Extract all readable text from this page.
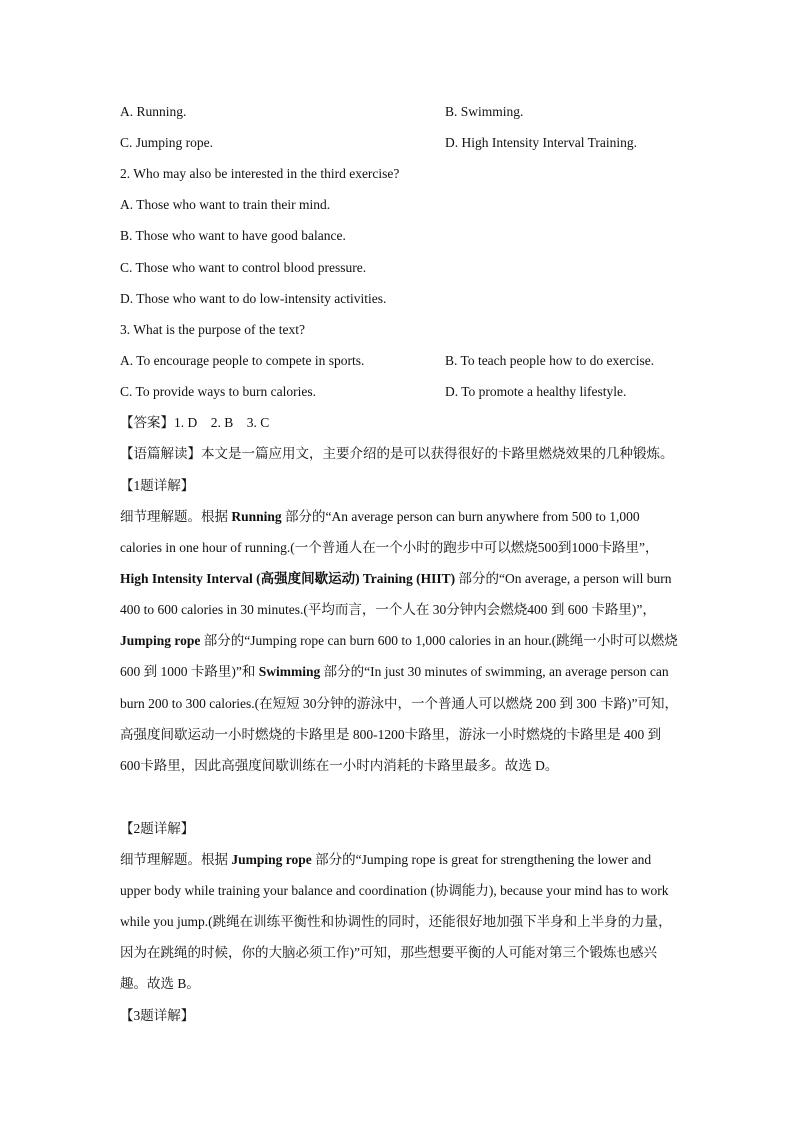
A. Running.	B. Swimming.
C. Jumping rope.	D. High Intensity Interval Training.
2. Who may also be interested in the third exercise?
A. Those who want to train their mind.
B. Those who want to have good balance.
C. Those who want to control blood pressure.
D. Those who want to do low-intensity activities.
3. What is the purpose of the text?
A. To encourage people to compete in sports.	B. To teach people how to do exercise.
C. To provide ways to burn calories.	D. To promote a healthy lifestyle.
【答案】1. D    2. B    3. C
【语篇解读】本文是一篇应用文，主要介绍的是可以获得很好的卡路里燃烧效果的几种锻炼。
【1题详解】
细节理解题。根据 Running 部分的“An average person can burn anywhere from 500 to 1,000 calories in one hour of running.(一个普通人在一个小时的跑步中可以燃烧500到1000卡路里”， High Intensity Interval (高强度间歇运动) Training (HIIT) 部分的“On average, a person will burn 400 to 600 calories in 30 minutes.(平均而言，一个人在 30分钟内会燃烧400 到 600 卡路里)”， Jumping rope 部分的“Jumping rope can burn 600 to 1,000 calories in an hour.(跳绳一小时可以燃烧 600 到 1000 卡路里)”和 Swimming 部分的“In just 30 minutes of swimming, an average person can burn 200 to 300 calories.(在短短 30分钟的游泳中，一个普通人可以燃烧 200 到 300 卡路)”可知，高强度间歇运动一小时燃烧的卡路里是 800-1200卡路里，游泳一小时燃烧的卡路里是 400 到 600卡路里，因此高强度间歇训练在一小时内消耗的卡路里最多。故选 D。
【2题详解】
细节理解题。根据 Jumping rope 部分的“Jumping rope is great for strengthening the lower and upper body while training your balance and coordination (协调能力), because your mind has to work while you jump.(跳绳在训练平衡性和协调性的同时，还能很好地加强下半身和上半身的力量，因为在跳绳的时候，你的大脑必须工作)”可知，那些想要平衡的人可能对第三个锻炼也感兴趣。故选 B。
【3题详解】
